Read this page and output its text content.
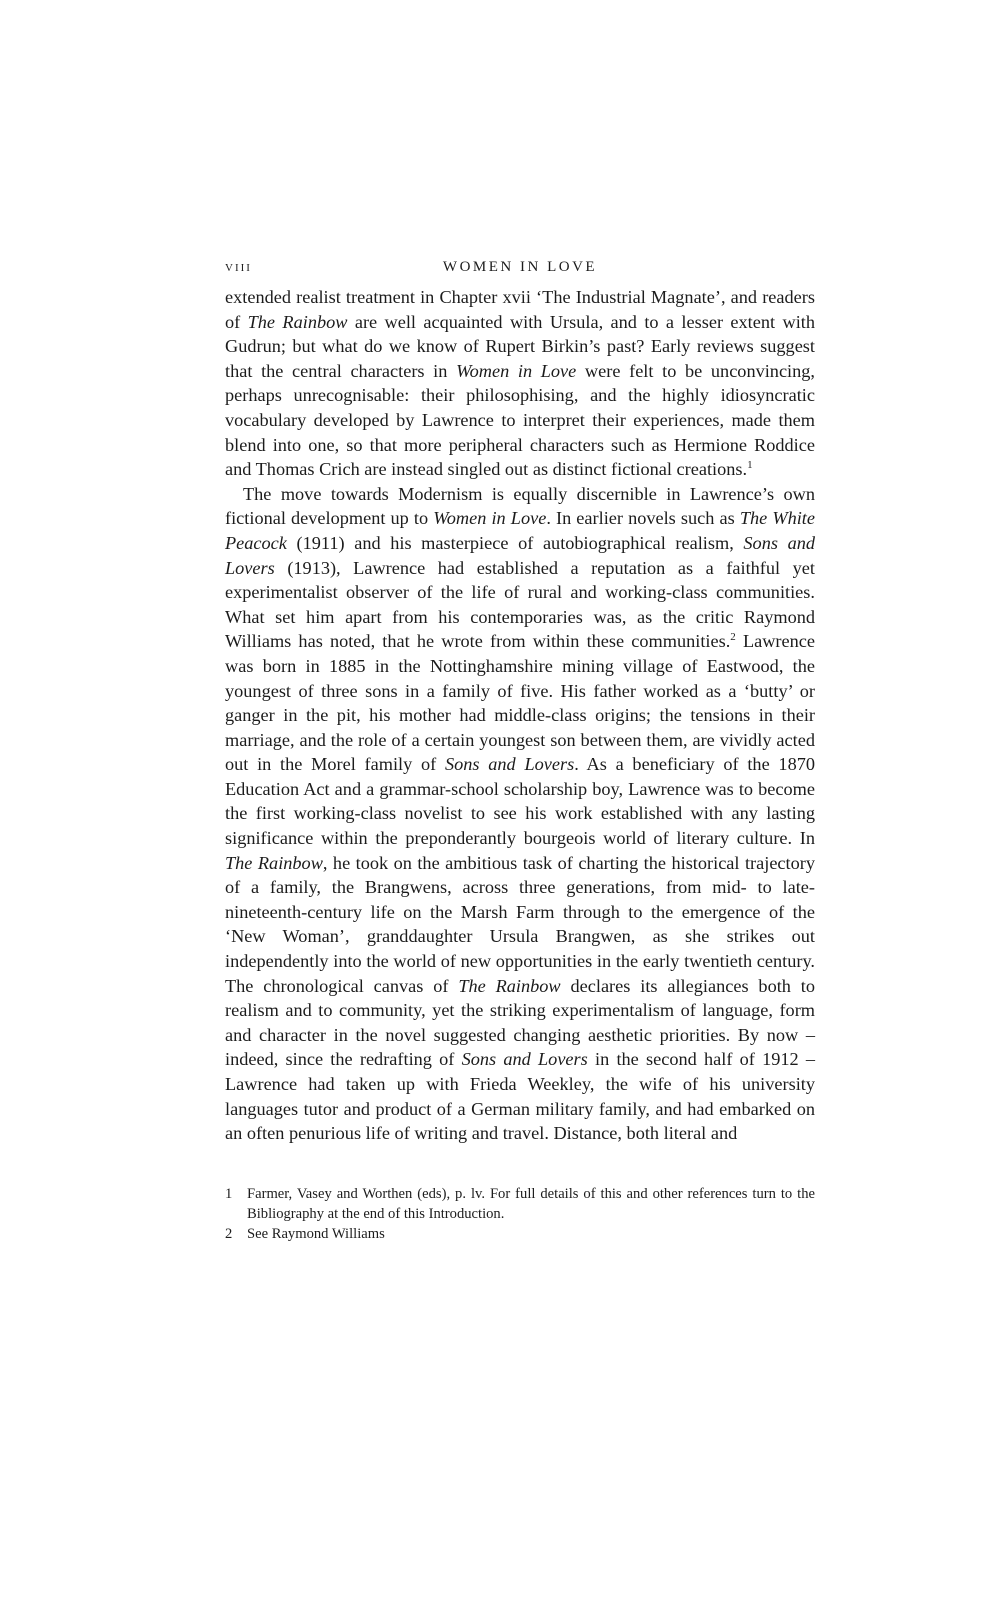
viii	WOMEN IN LOVE

extended realist treatment in Chapter xvii ‘The Industrial Magnate’, and readers of The Rainbow are well acquainted with Ursula, and to a lesser extent with Gudrun; but what do we know of Rupert Birkin’s past? Early reviews suggest that the central characters in Women in Love were felt to be unconvincing, perhaps unrecognisable: their philosophising, and the highly idiosyncratic vocabulary developed by Lawrence to interpret their experiences, made them blend into one, so that more peripheral characters such as Hermione Roddice and Thomas Crich are instead singled out as distinct fictional creations.$^1$

The move towards Modernism is equally discernible in Lawrence’s own fictional development up to Women in Love. In earlier novels such as The White Peacock (1911) and his masterpiece of autobiographical realism, Sons and Lovers (1913), Lawrence had established a reputation as a faithful yet experimentalist observer of the life of rural and working-class communities. What set him apart from his contemporaries was, as the critic Raymond Williams has noted, that he wrote from within these communities.$^2$ Lawrence was born in 1885 in the Nottinghamshire mining village of Eastwood, the youngest of three sons in a family of five. His father worked as a ‘butty’ or ganger in the pit, his mother had middle-class origins; the tensions in their marriage, and the role of a certain youngest son between them, are vividly acted out in the Morel family of Sons and Lovers. As a beneficiary of the 1870 Education Act and a grammar-school scholarship boy, Lawrence was to become the first working-class novelist to see his work established with any lasting significance within the preponderantly bourgeois world of literary culture. In The Rainbow, he took on the ambitious task of charting the historical trajectory of a family, the Brangwens, across three generations, from mid- to late-nineteenth-century life on the Marsh Farm through to the emergence of the ‘New Woman’, granddaughter Ursula Brangwen, as she strikes out independently into the world of new opportunities in the early twentieth century. The chronological canvas of The Rainbow declares its allegiances both to realism and to community, yet the striking experimentalism of language, form and character in the novel suggested changing aesthetic priorities. By now – indeed, since the redrafting of Sons and Lovers in the second half of 1912 – Lawrence had taken up with Frieda Weekley, the wife of his university languages tutor and product of a German military family, and had embarked on an often penurious life of writing and travel. Distance, both literal and

1 Farmer, Vasey and Worthen (eds), p. lv. For full details of this and other references turn to the Bibliography at the end of this Introduction.

2 See Raymond Williams
